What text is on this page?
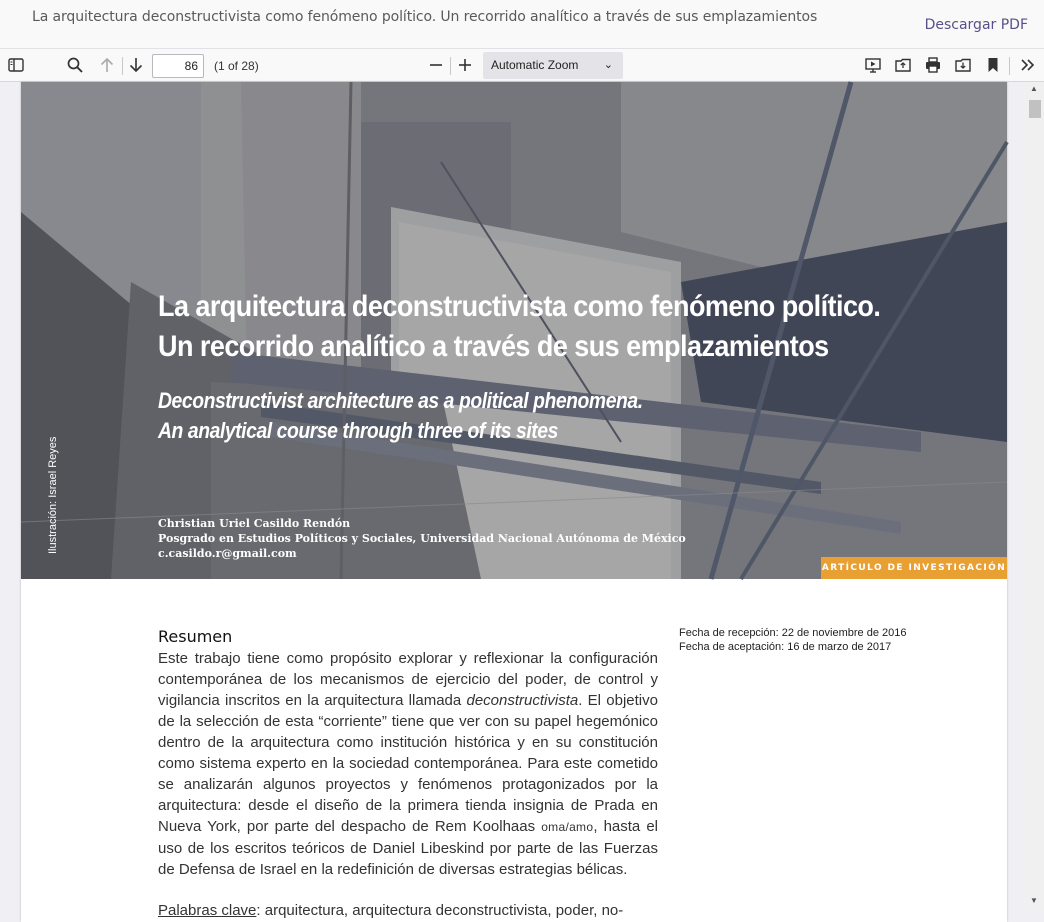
La arquitectura deconstructivista como fenómeno político. Un recorrido analítico a través de sus emplazamientos	Descargar PDF
86
(1 of 28)	Automatic Zoom ⌄
La arquitectura deconstructivista como fenómeno político.
Un recorrido analítico a través de sus emplazamientos
Deconstructivist architecture as a political phenomena.
An analytical course through three of its sites
Christian Uriel Casildo Rendón
Posgrado en Estudios Políticos y Sociales, Universidad Nacional Autónoma de México
c.casildo.r@gmail.com
Ilustración: Israel Reyes
ARTÍCULO DE INVESTIGACIÓN
Resumen
Este trabajo tiene como propósito explorar y reflexionar la configuración contemporánea de los mecanismos de ejercicio del poder, de control y vigilancia inscritos en la arquitectura llamada deconstructivista. El objetivo de la selección de esta “corriente” tiene que ver con su papel hegemónico dentro de la arquitectura como institución histórica y en su constitución como sistema experto en la sociedad contemporánea. Para este cometido se analizarán algunos proyectos y fenómenos protagonizados por la arquitectura: desde el diseño de la primera tienda insignia de Prada en Nueva York, por parte del despacho de Rem Koolhaas oma/amo, hasta el uso de los escritos teóricos de Daniel Libeskind por parte de las Fuerzas de Defensa de Israel en la redefinición de diversas estrategias bélicas.
Palabras clave: arquitectura, arquitectura deconstructivista, poder, no-
Fecha de recepción: 22 de noviembre de 2016
Fecha de aceptación: 16 de marzo de 2017
▲
▼
